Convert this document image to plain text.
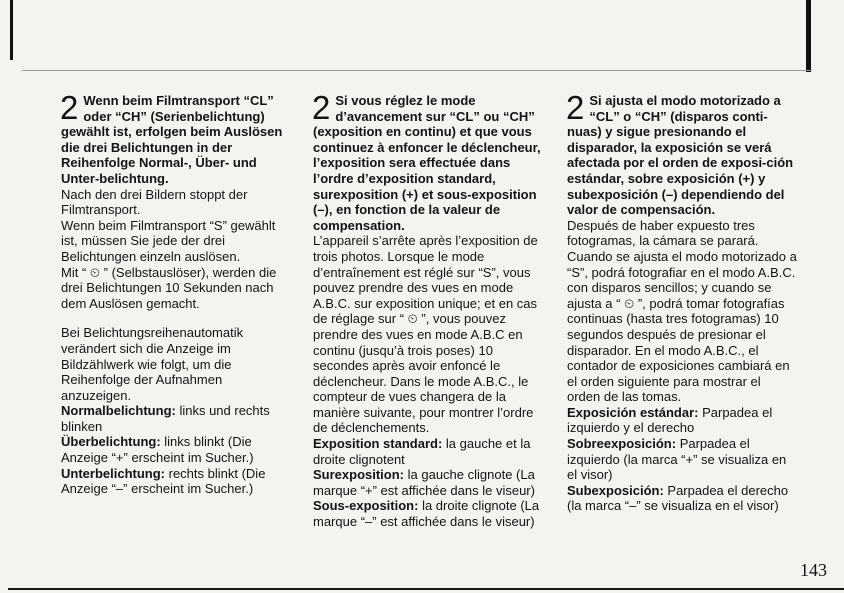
2 Wenn beim Filmtransport “CL” oder “CH” (Serienbelichtung) gewählt ist, erfolgen beim Auslösen die drei Belichtungen in der Reihenfolge Normal-, Über- und Unter-belichtung.
Nach den drei Bildern stoppt der Filmtransport.
Wenn beim Filmtransport “S” gewählt ist, müssen Sie jede der drei Belichtungen einzeln auslösen.
Mit “ ⏲ ” (Selbstauslöser), werden die drei Belichtungen 10 Sekunden nach dem Auslösen gemacht.
Bei Belichtungsreihenautomatik verändert sich die Anzeige im Bildzählwerk wie folgt, um die Reihenfolge der Aufnahmen anzuzeigen.
Normalbelichtung: links und rechts blinken
Überbelichtung: links blinkt (Die Anzeige “+” erscheint im Sucher.)
Unterbelichtung: rechts blinkt (Die Anzeige “–” erscheint im Sucher.)
2 Si vous réglez le mode d’avancement sur “CL” ou “CH” (exposition en continu) et que vous continuez à enfoncer le déclencheur, l’exposition sera effectuée dans l’ordre d’exposition standard, surexposition (+) et sous-exposition (–), en fonction de la valeur de compensation.
L’appareil s’arrête après l’exposition de trois photos. Lorsque le mode d’entraînement est réglé sur “S”, vous pouvez prendre des vues en mode A.B.C. sur exposition unique; et en cas de réglage sur “ ⏲ ”, vous pouvez prendre des vues en mode A.B.C en continu (jusqu’à trois poses) 10 secondes après avoir enfoncé le déclencheur. Dans le mode A.B.C., le compteur de vues changera de la manière suivante, pour montrer l’ordre de déclenchements.
Exposition standard: la gauche et la droite clignotent
Surexposition: la gauche clignote (La marque “+” est affichée dans le viseur)
Sous-exposition: la droite clignote (La marque “–” est affichée dans le viseur)
2 Si ajusta el modo motorizado a “CL” o “CH” (disparos conti-nuas) y sigue presionando el disparador, la exposición se verá afectada por el orden de exposi-ción estándar, sobre exposición (+) y subexposición (–) dependiendo del valor de compensación.
Después de haber expuesto tres fotogramas, la cámara se parará. Cuando se ajusta el modo motorizado a “S”, podrá fotografiar en el modo A.B.C. con disparos sencillos; y cuando se ajusta a “ ⏲ ”, podrá tomar fotografías continuas (hasta tres fotogramas) 10 segundos después de presionar el disparador. En el modo A.B.C., el contador de exposiciones cambiará en el orden siguiente para mostrar el orden de las tomas.
Exposición estándar: Parpadea el izquierdo y el derecho
Sobreexposición: Parpadea el izquierdo (la marca “+” se visualiza en el visor)
Subexposición: Parpadea el derecho (la marca “–” se visualiza en el visor)
143
